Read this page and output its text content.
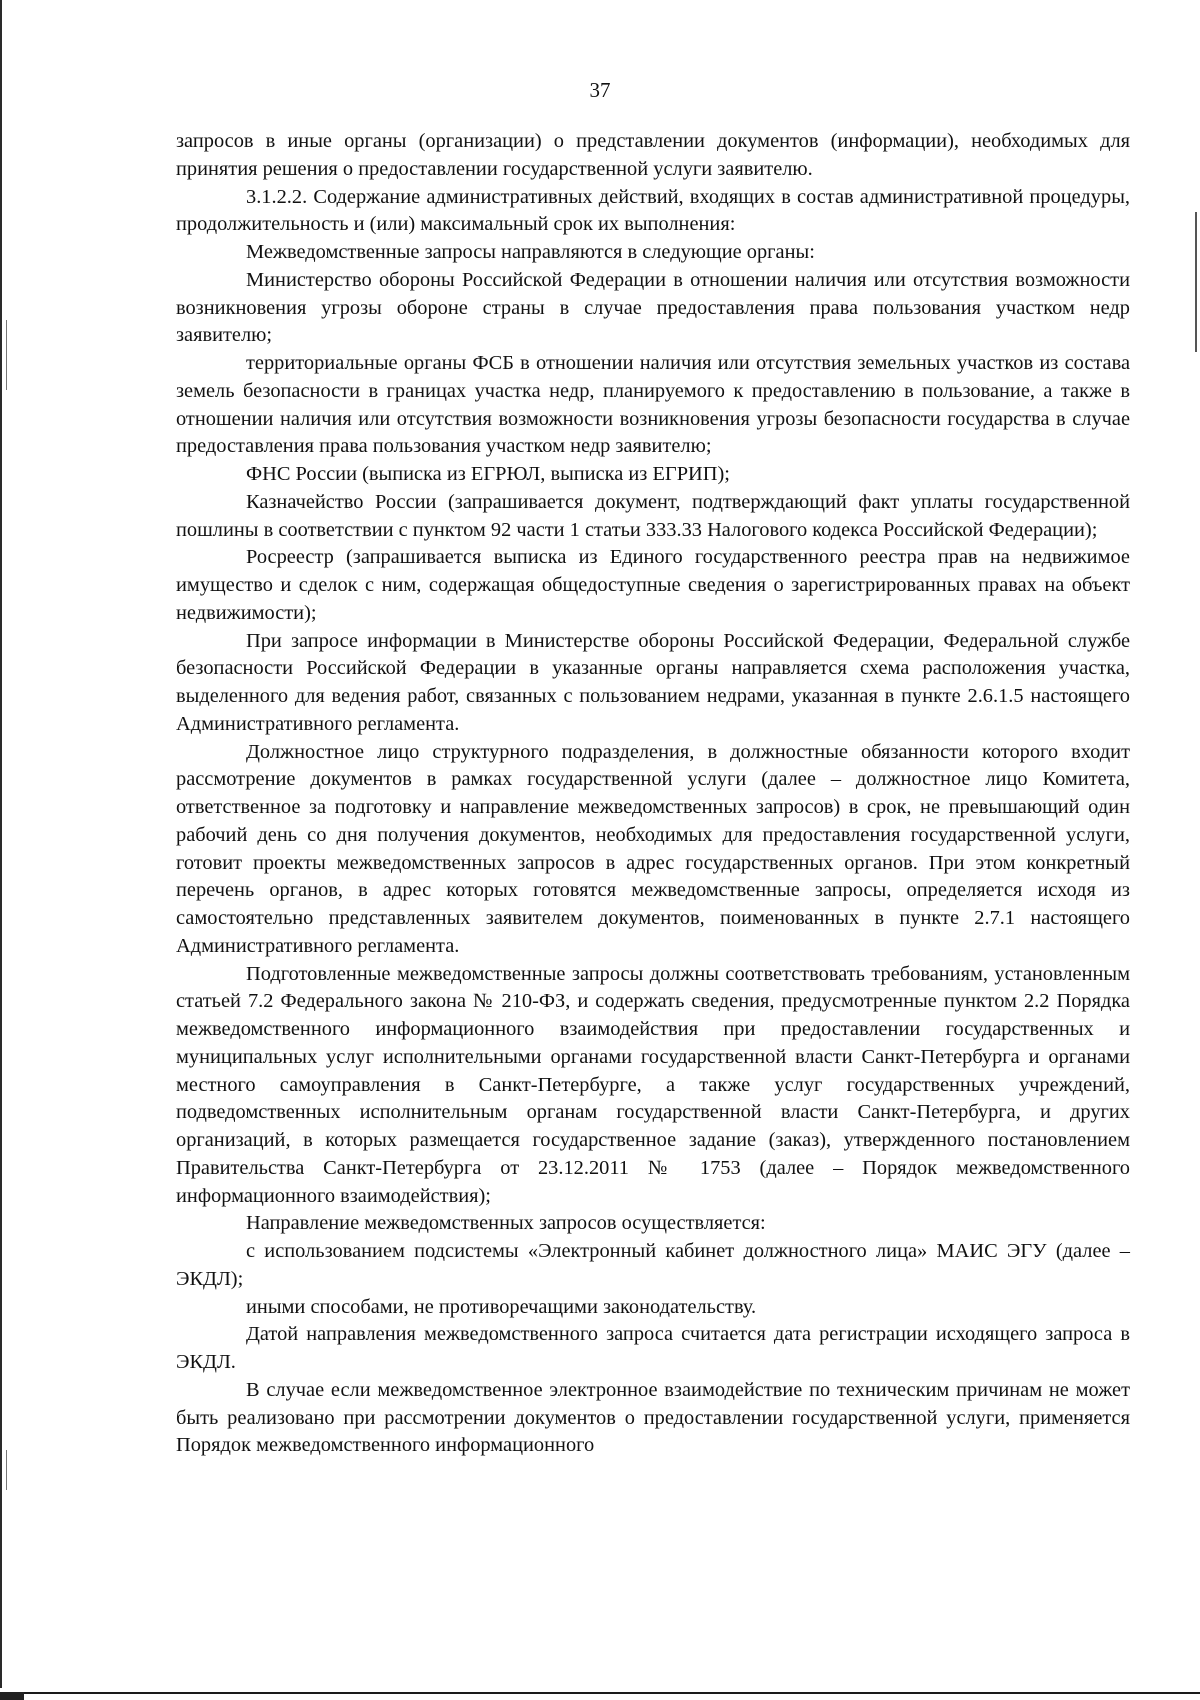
37

запросов в иные органы (организации) о представлении документов (информации), необходимых для принятия решения о предоставлении государственной услуги заявителю.

3.1.2.2. Содержание административных действий, входящих в состав административной процедуры, продолжительность и (или) максимальный срок их выполнения:

Межведомственные запросы направляются в следующие органы:

Министерство обороны Российской Федерации в отношении наличия или отсутствия возможности возникновения угрозы обороне страны в случае предоставления права пользования участком недр заявителю;

территориальные органы ФСБ в отношении наличия или отсутствия земельных участков из состава земель безопасности в границах участка недр, планируемого к предоставлению в пользование, а также в отношении наличия или отсутствия возможности возникновения угрозы безопасности государства в случае предоставления права пользования участком недр заявителю;

ФНС России (выписка из ЕГРЮЛ, выписка из ЕГРИП);

Казначейство России (запрашивается документ, подтверждающий факт уплаты государственной пошлины в соответствии с пунктом 92 части 1 статьи 333.33 Налогового кодекса Российской Федерации);

Росреестр (запрашивается выписка из Единого государственного реестра прав на недвижимое имущество и сделок с ним, содержащая общедоступные сведения о зарегистрированных правах на объект недвижимости);

При запросе информации в Министерстве обороны Российской Федерации, Федеральной службе безопасности Российской Федерации в указанные органы направляется схема расположения участка, выделенного для ведения работ, связанных с пользованием недрами, указанная в пункте 2.6.1.5 настоящего Административного регламента.

Должностное лицо структурного подразделения, в должностные обязанности которого входит рассмотрение документов в рамках государственной услуги (далее – должностное лицо Комитета, ответственное за подготовку и направление межведомственных запросов) в срок, не превышающий один рабочий день со дня получения документов, необходимых для предоставления государственной услуги, готовит проекты межведомственных запросов в адрес государственных органов. При этом конкретный перечень органов, в адрес которых готовятся межведомственные запросы, определяется исходя из самостоятельно представленных заявителем документов, поименованных в пункте 2.7.1 настоящего Административного регламента.

Подготовленные межведомственные запросы должны соответствовать требованиям, установленным статьей 7.2 Федерального закона № 210-ФЗ, и содержать сведения, предусмотренные пунктом 2.2 Порядка межведомственного информационного взаимодействия при предоставлении государственных и муниципальных услуг исполнительными органами государственной власти Санкт-Петербурга и органами местного самоуправления в Санкт-Петербурге, а также услуг государственных учреждений, подведомственных исполнительным органам государственной власти Санкт-Петербурга, и других организаций, в которых размещается государственное задание (заказ), утвержденного постановлением Правительства Санкт-Петербурга от 23.12.2011 № 1753 (далее – Порядок межведомственного информационного взаимодействия);

Направление межведомственных запросов осуществляется:

с использованием подсистемы «Электронный кабинет должностного лица» МАИС ЭГУ (далее – ЭКДЛ);

иными способами, не противоречащими законодательству.

Датой направления межведомственного запроса считается дата регистрации исходящего запроса в ЭКДЛ.

В случае если межведомственное электронное взаимодействие по техническим причинам не может быть реализовано при рассмотрении документов о предоставлении государственной услуги, применяется Порядок межведомственного информационного
